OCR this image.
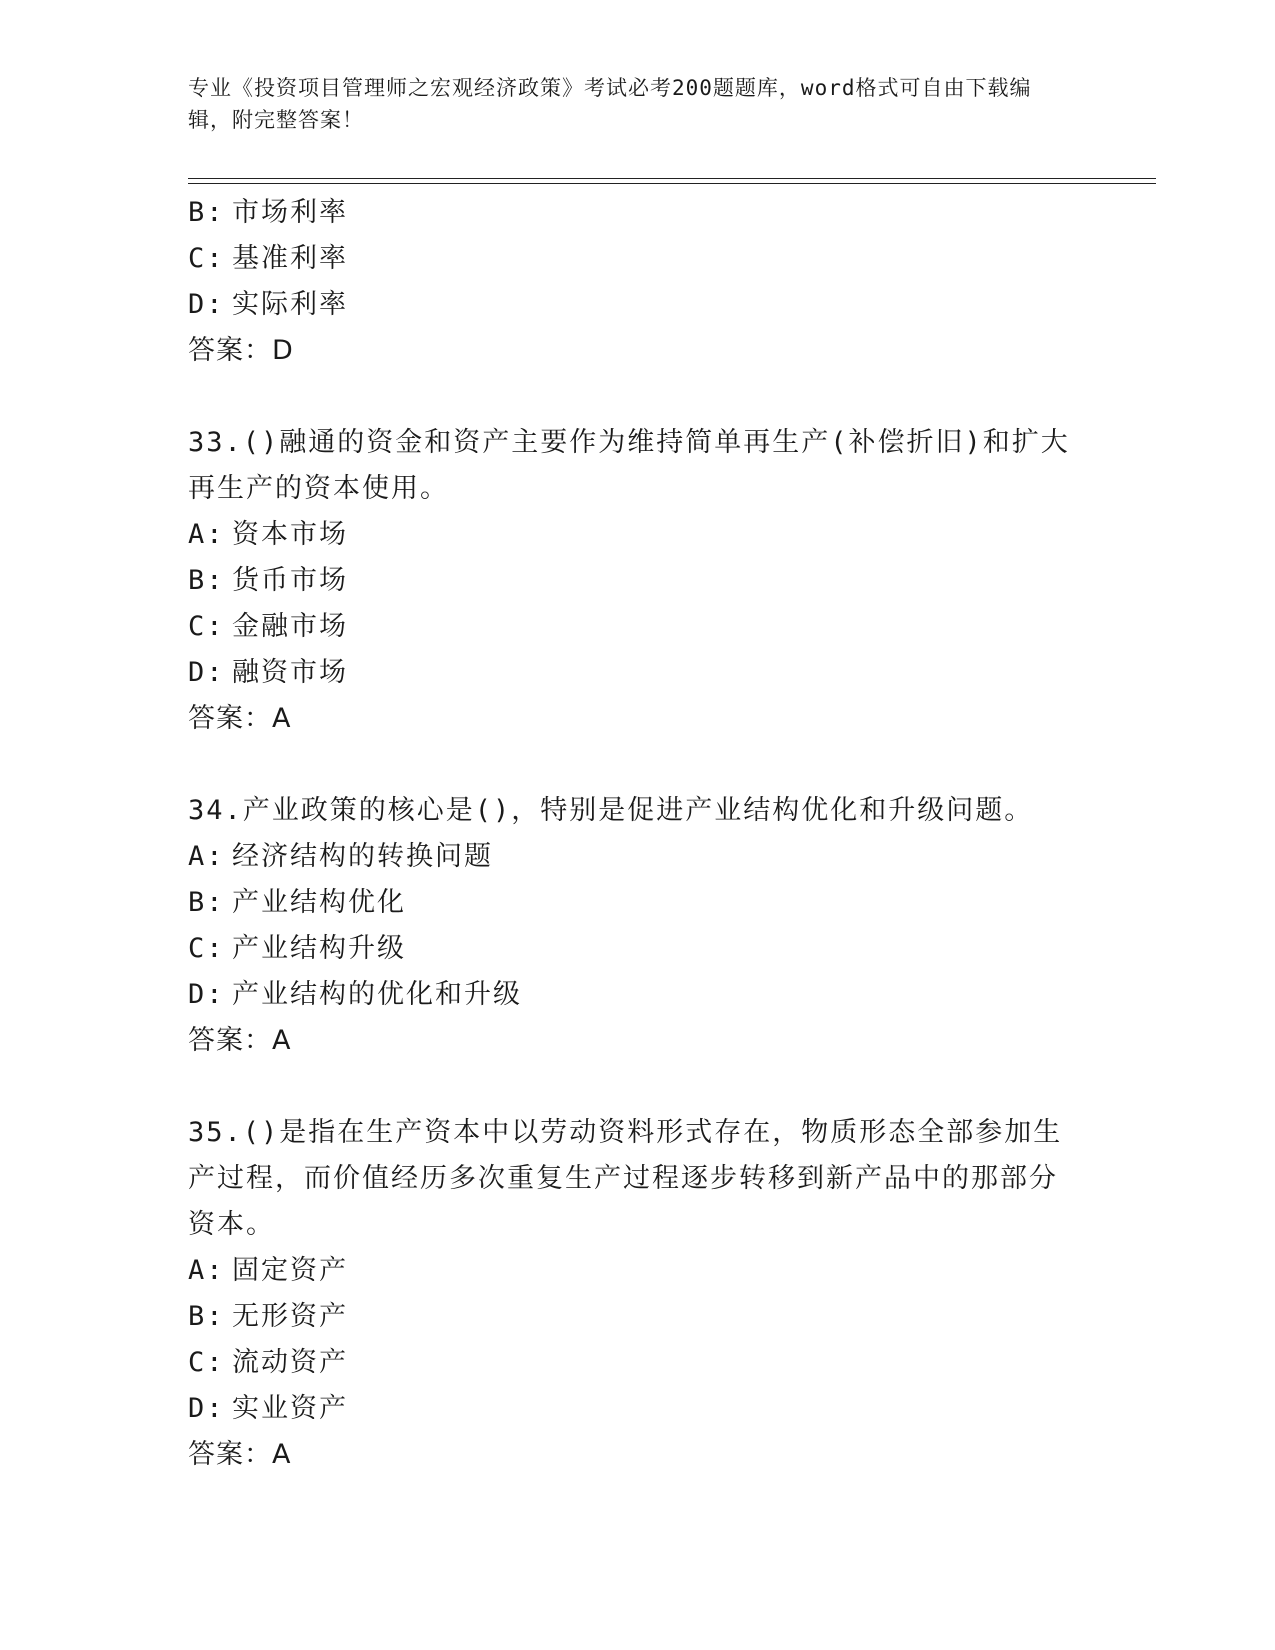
专业《投资项目管理师之宏观经济政策》考试必考200题题库，word格式可自由下载编辑，附完整答案！
B: 市场利率
C: 基准利率
D: 实际利率
答案：D
33.()融通的资金和资产主要作为维持简单再生产(补偿折旧)和扩大再生产的资本使用。
A: 资本市场
B: 货币市场
C: 金融市场
D: 融资市场
答案：A
34.产业政策的核心是()，特别是促进产业结构优化和升级问题。
A: 经济结构的转换问题
B: 产业结构优化
C: 产业结构升级
D: 产业结构的优化和升级
答案：A
35.()是指在生产资本中以劳动资料形式存在，物质形态全部参加生产过程，而价值经历多次重复生产过程逐步转移到新产品中的那部分资本。
A: 固定资产
B: 无形资产
C: 流动资产
D: 实业资产
答案：A
